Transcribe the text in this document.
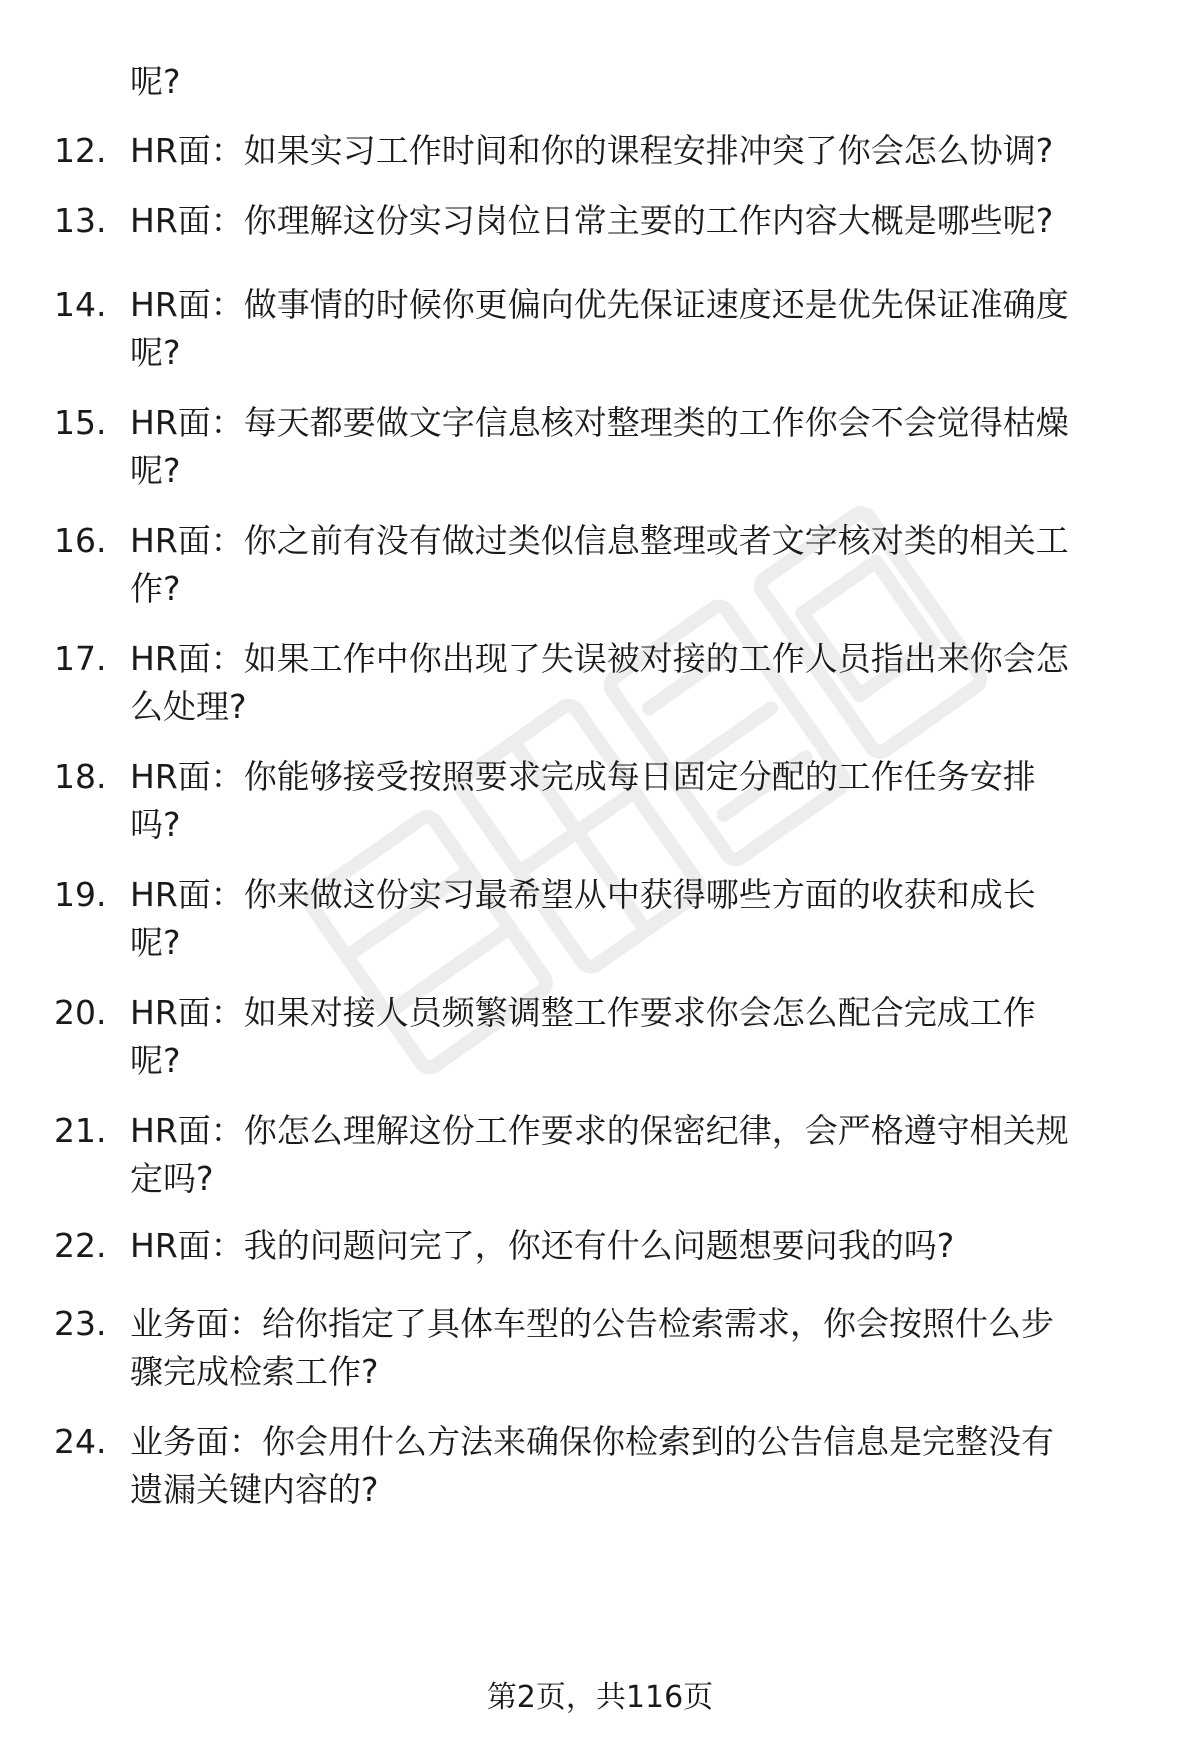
呢?
12. HR面：如果实习工作时间和你的课程安排冲突了你会怎么协调?
13. HR面：你理解这份实习岗位日常主要的工作内容大概是哪些呢?
14. HR面：做事情的时候你更偏向优先保证速度还是优先保证准确度
呢?
15. HR面：每天都要做文字信息核对整理类的工作你会不会觉得枯燥
呢?
16. HR面：你之前有没有做过类似信息整理或者文字核对类的相关工
作?
17. HR面：如果工作中你出现了失误被对接的工作人员指出来你会怎
么处理?
18. HR面：你能够接受按照要求完成每日固定分配的工作任务安排
吗?
19. HR面：你来做这份实习最希望从中获得哪些方面的收获和成长
呢?
20. HR面：如果对接人员频繁调整工作要求你会怎么配合完成工作
呢?
21. HR面：你怎么理解这份工作要求的保密纪律，会严格遵守相关规
定吗?
22. HR面：我的问题问完了，你还有什么问题想要问我的吗?
23. 业务面：给你指定了具体车型的公告检索需求，你会按照什么步
骤完成检索工作?
24. 业务面：你会用什么方法来确保你检索到的公告信息是完整没有
遗漏关键内容的?
第2页，共116页
